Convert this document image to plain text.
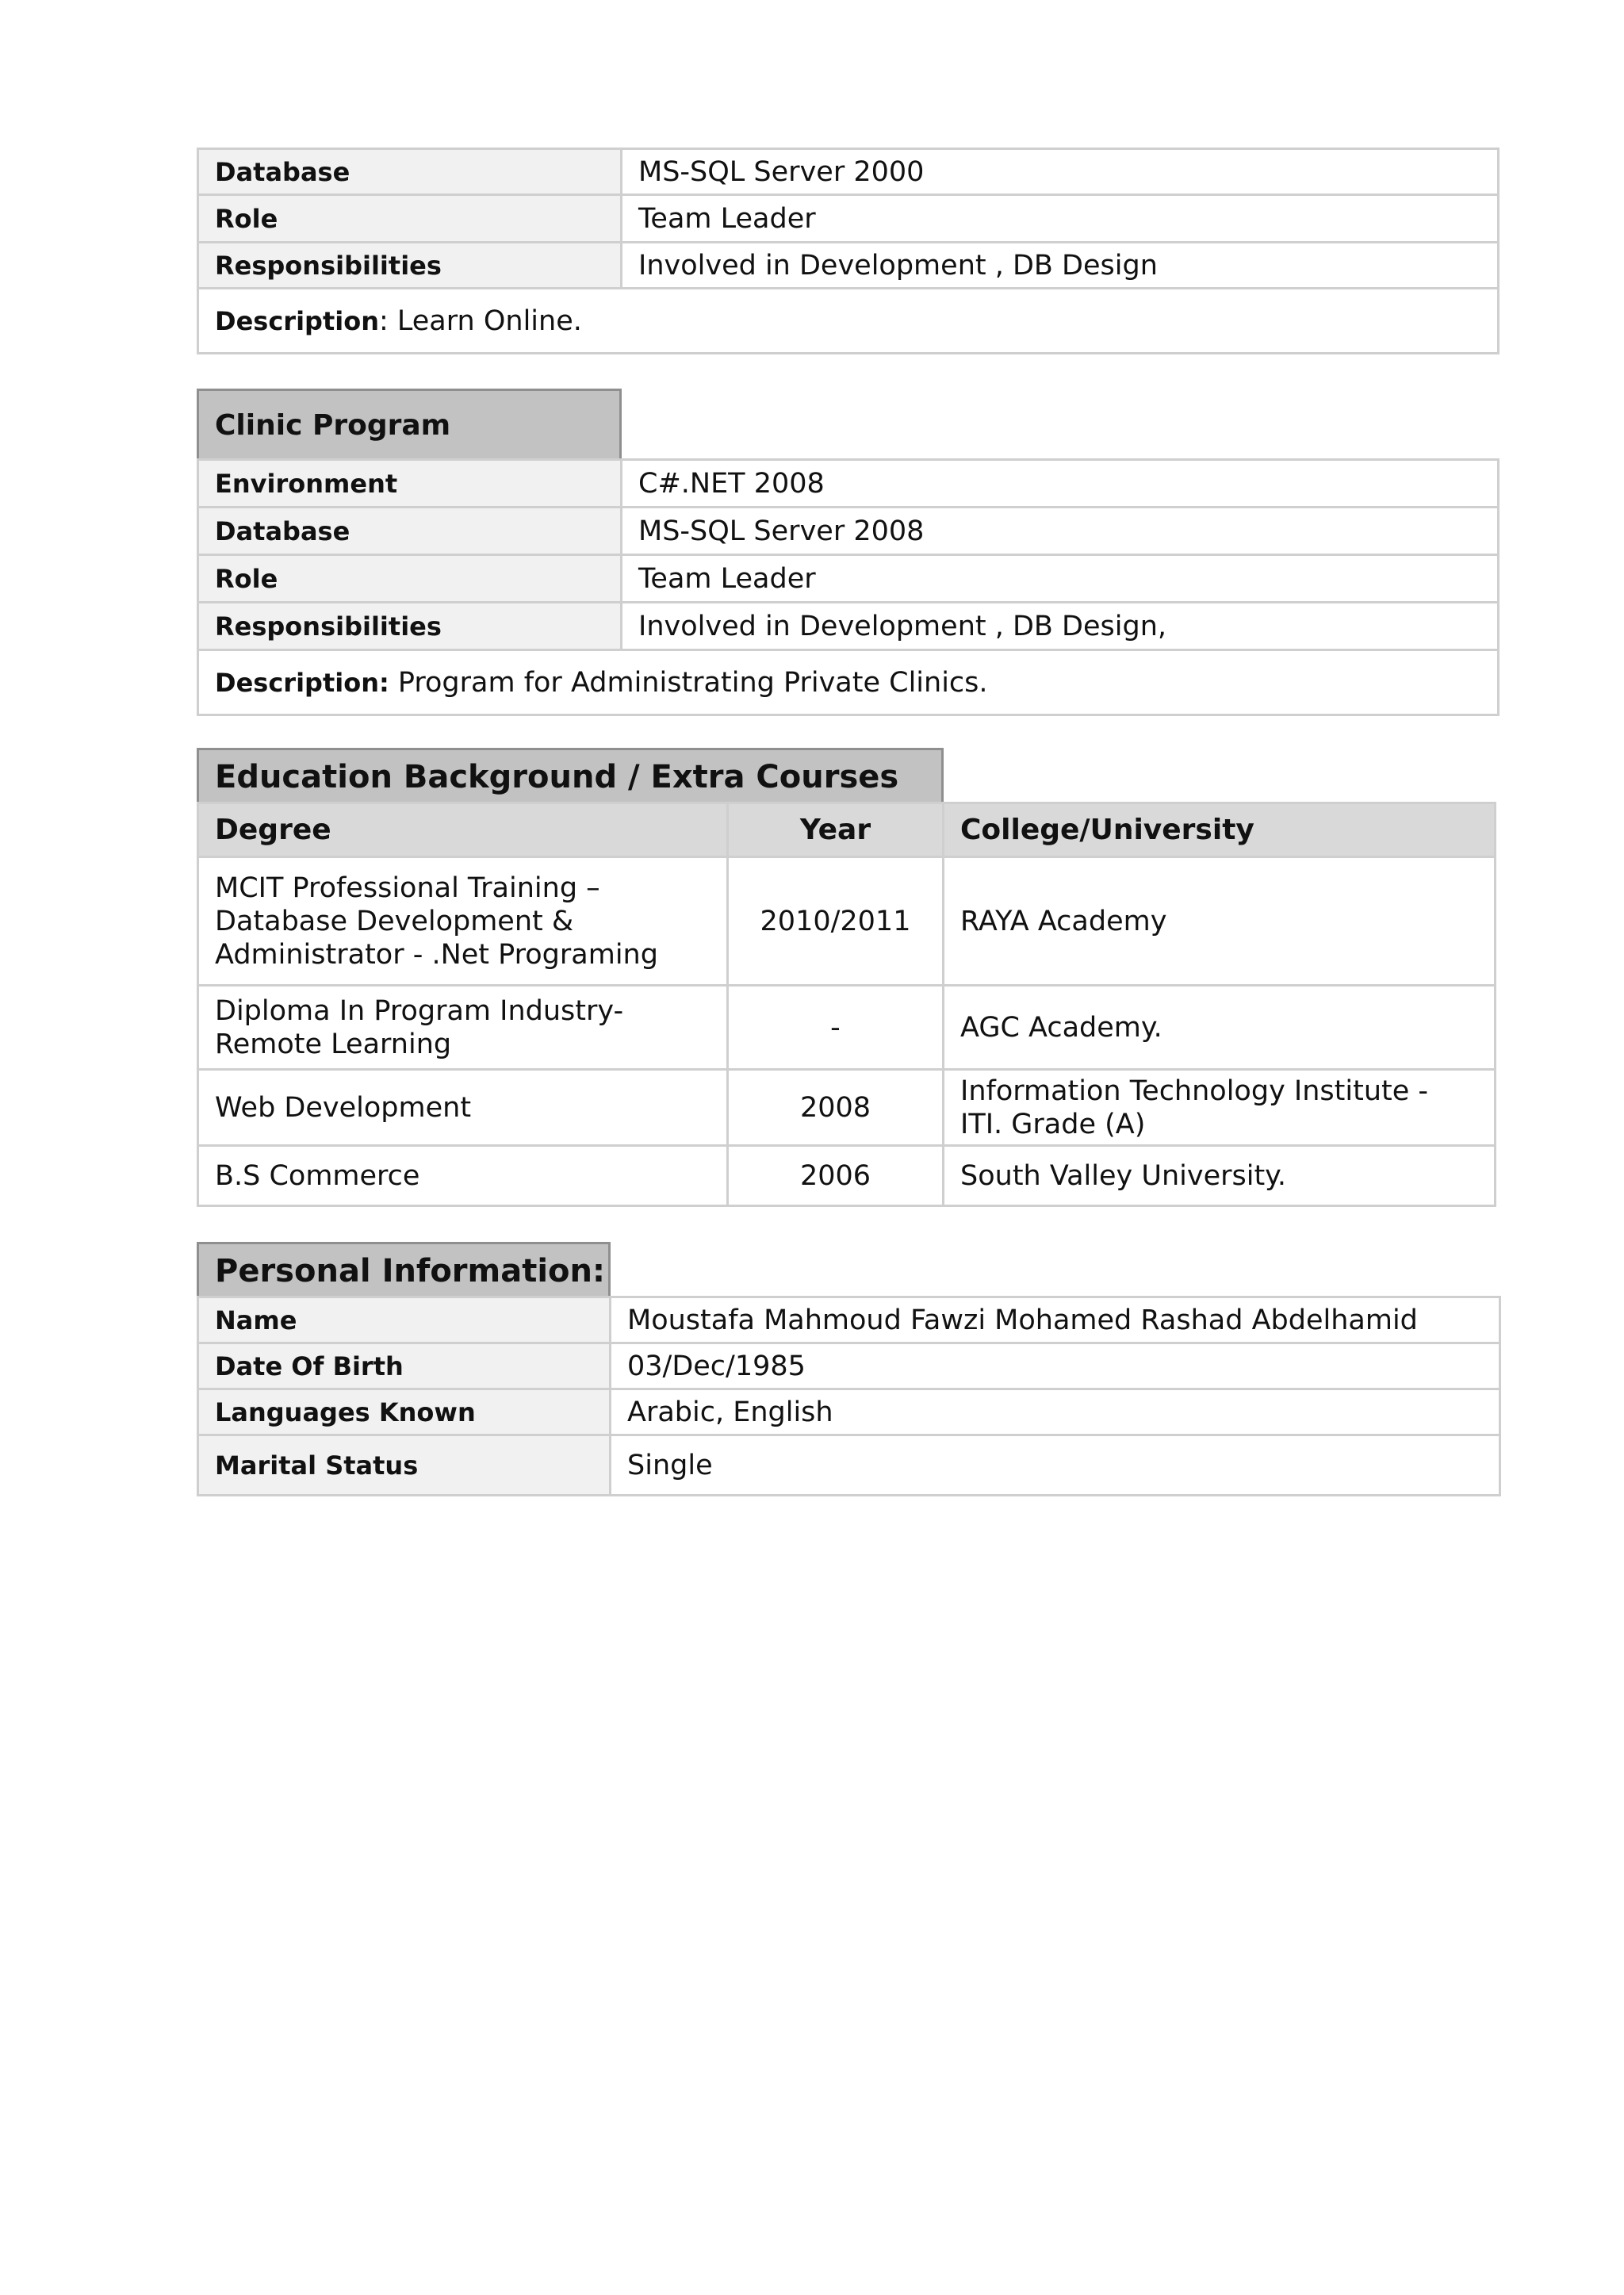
Database	MS-SQL Server 2000
Role	Team Leader
Responsibilities	Involved in Development , DB Design
Description: Learn Online.	
Clinic Program
Environment	C#.NET 2008
Database	MS-SQL Server 2008
Role	Team Leader
Responsibilities	Involved in Development , DB Design,
Description: Program for Administrating Private Clinics.	
Education Background / Extra Courses
Degree	Year	College/University

MCIT Professional Training –
Database Development &
Administrator - .Net Programing	2010/2011	RAYA Academy

Diploma In Program Industry-
Remote Learning	-	AGC Academy.

Web Development	2008	Information Technology Institute -
ITI. Grade (A)

B.S Commerce	2006	South Valley University.
Personal Information:
Name	Moustafa Mahmoud Fawzi Mohamed Rashad Abdelhamid
Date Of Birth	03/Dec/1985
Languages Known	Arabic, English
Marital Status	Single
